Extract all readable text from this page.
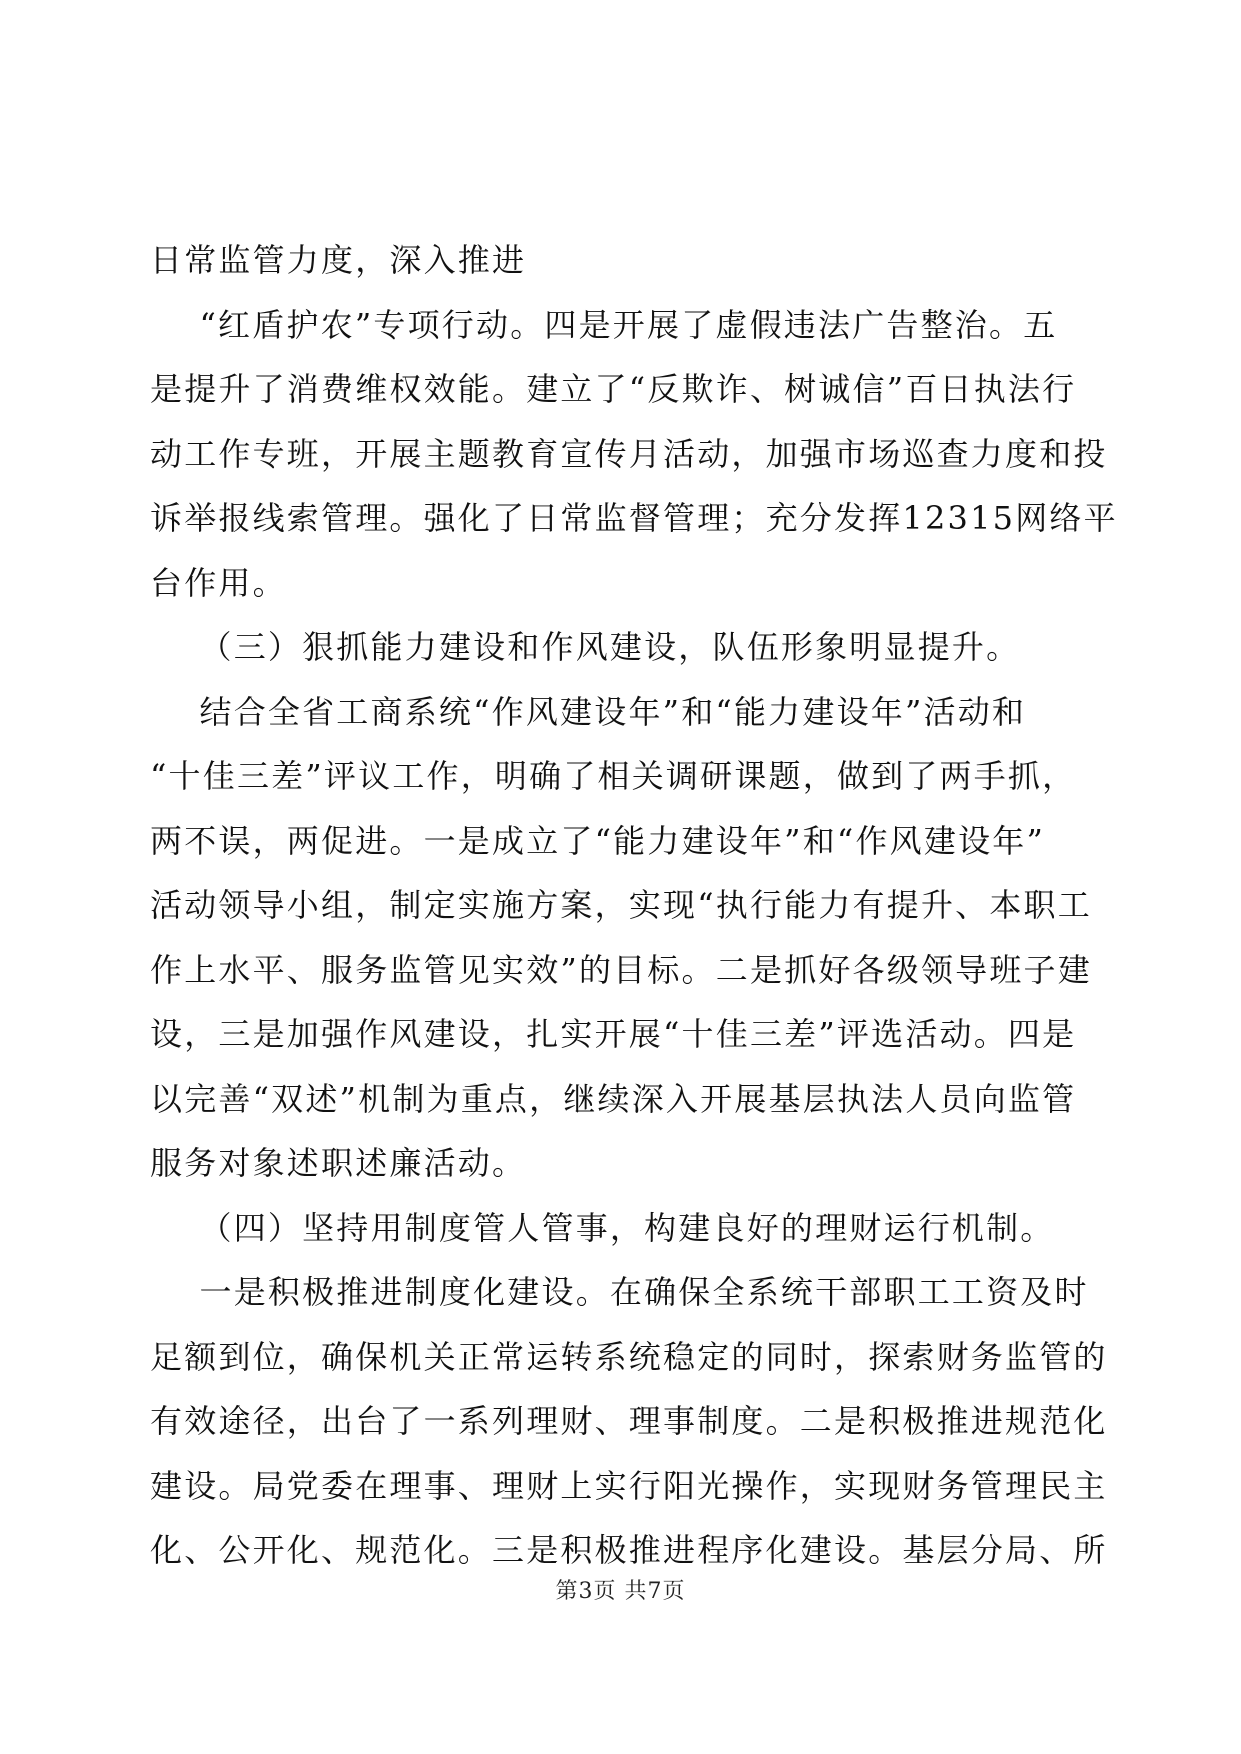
日常监管力度，深入推进

“红盾护农”专项行动。四是开展了虚假违法广告整治。五

是提升了消费维权效能。建立了“反欺诈、树诚信”百日执法行

动工作专班，开展主题教育宣传月活动，加强市场巡查力度和投

诉举报线索管理。强化了日常监督管理；充分发挥12315网络平

台作用。

（三）狠抓能力建设和作风建设，队伍形象明显提升。

结合全省工商系统“作风建设年”和“能力建设年”活动和

“十佳三差”评议工作，明确了相关调研课题，做到了两手抓，

两不误，两促进。一是成立了“能力建设年”和“作风建设年”

活动领导小组，制定实施方案，实现“执行能力有提升、本职工

作上水平、服务监管见实效”的目标。二是抓好各级领导班子建

设，三是加强作风建设，扎实开展“十佳三差”评选活动。四是

以完善“双述”机制为重点，继续深入开展基层执法人员向监管

服务对象述职述廉活动。

（四）坚持用制度管人管事，构建良好的理财运行机制。

一是积极推进制度化建设。在确保全系统干部职工工资及时

足额到位，确保机关正常运转系统稳定的同时，探索财务监管的

有效途径，出台了一系列理财、理事制度。二是积极推进规范化

建设。局党委在理事、理财上实行阳光操作，实现财务管理民主

化、公开化、规范化。三是积极推进程序化建设。基层分局、所

第3页 共7页
